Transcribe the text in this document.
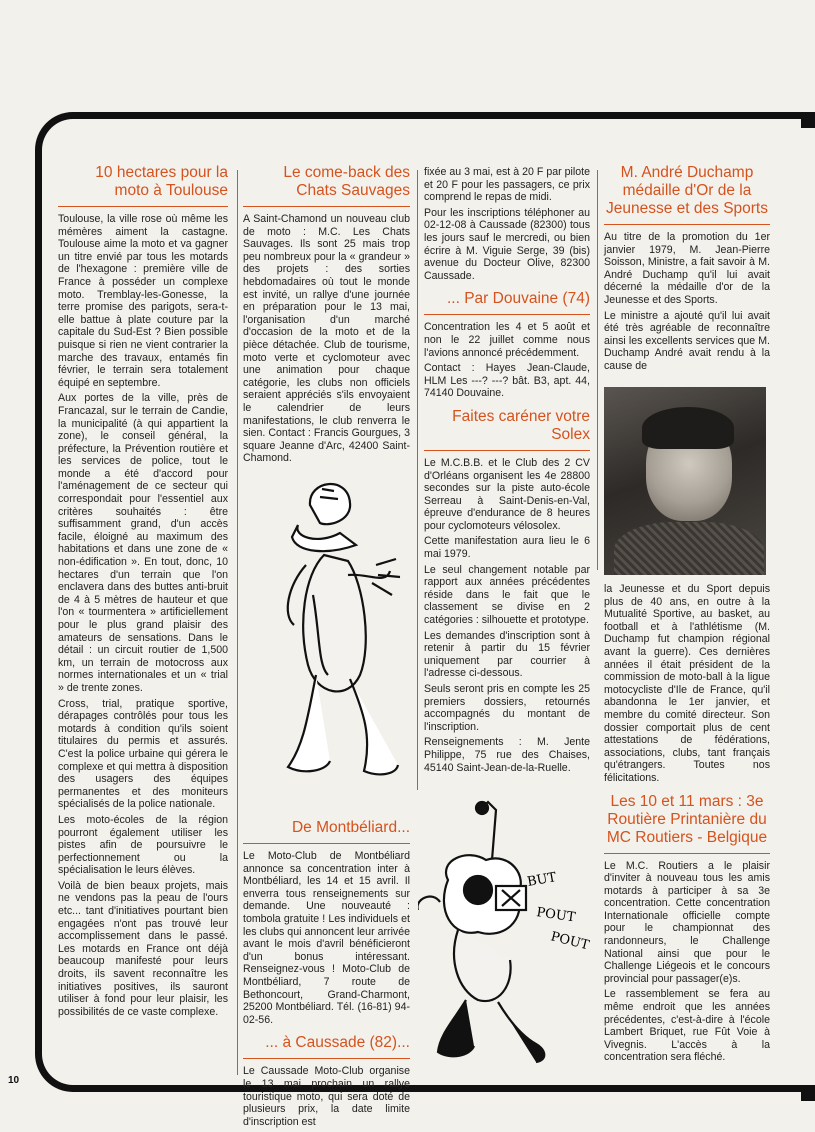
10 hectares pour la moto à Toulouse

Toulouse, la ville rose où même les mémères aiment la castagne. Toulouse aime la moto et va gagner un titre envié par tous les motards de l'hexagone : première ville de France à posséder un complexe moto. Tremblay-les-Gonesse, la terre promise des parigots, sera-t-elle battue à plate couture par la capitale du Sud-Est ? Bien possible puisque si rien ne vient contrarier la marche des travaux, entamés fin février, le terrain sera totalement équipé en septembre.

Aux portes de la ville, près de Francazal, sur le terrain de Candie, la municipalité (à qui appartient la zone), le conseil général, la préfecture, la Prévention routière et les services de police, tout le monde a été d'accord pour l'aménagement de ce secteur qui correspondait pour l'essentiel aux critères souhaités : être suffisamment grand, d'un accès facile, éloigné au maximum des habitations et dans une zone de « non-édification ». En tout, donc, 10 hectares d'un terrain que l'on enclavera dans des buttes anti-bruit de 4 à 5 mètres de hauteur et que l'on « tourmentera » artificiellement pour le plus grand plaisir des amateurs de sensations. Dans le détail : un circuit routier de 1,500 km, un terrain de motocross aux normes internationales et un « trial » de trente zones.

Cross, trial, pratique sportive, dérapages contrôlés pour tous les motards à condition qu'ils soient titulaires du permis et assurés. C'est la police urbaine qui gérera le complexe et qui mettra à disposition des usagers des équipes permanentes et des moniteurs spécialisés de la police nationale.

Les moto-écoles de la région pourront également utiliser les pistes afin de poursuivre le perfectionnement ou la spécialisation le leurs élèves.

Voilà de bien beaux projets, mais ne vendons pas la peau de l'ours etc... tant d'initiatives pourtant bien engagées n'ont pas trouvé leur accomplissement dans le passé. Les motards en France ont déjà beaucoup manifesté pour leurs droits, ils savent reconnaître les initiatives positives, ils sauront utiliser à fond pour leur plaisir, les possibilités de ce vaste complexe.

Le come-back des Chats Sauvages

A Saint-Chamond un nouveau club de moto : M.C. Les Chats Sauvages. Ils sont 25 mais trop peu nombreux pour la « grandeur » des projets : des sorties hebdomadaires où tout le monde est invité, un rallye d'une journée en préparation pour le 13 mai, l'organisation d'un marché d'occasion de la moto et de la pièce détachée. Club de tourisme, moto verte et cyclomoteur avec une animation pour chaque catégorie, les clubs non officiels seraient appréciés s'ils envoyaient le calendrier de leurs manifestations, le club renverra le sien. Contact : Francis Gourgues, 3 square Jeanne d'Arc, 42400 Saint-Chamond.

De Montbéliard...

Le Moto-Club de Montbéliard annonce sa concentration inter à Montbéliard, les 14 et 15 avril. Il enverra tous renseignements sur demande. Une nouveauté : tombola gratuite ! Les individuels et les clubs qui annoncent leur arrivée avant le mois d'avril bénéficieront d'un bonus intéressant. Renseignez-vous ! Moto-Club de Montbéliard, 7 route de Bethoncourt, Grand-Charmont, 25200 Montbéliard. Tél. (16-81) 94-02-56.

... à Caussade (82)...

Le Caussade Moto-Club organise le 13 mai prochain un rallye touristique moto, qui sera doté de plusieurs prix, la date limite d'inscription est

fixée au 3 mai, est à 20 F par pilote et 20 F pour les passagers, ce prix comprend le repas de midi.

Pour les inscriptions téléphoner au 02-12-08 à Caussade (82300) tous les jours sauf le mercredi, ou bien écrire à M. Viguie Serge, 39 (bis) avenue du Docteur Olive, 82300 Caussade.

... Par Douvaine (74)

Concentration les 4 et 5 août et non le 22 juillet comme nous l'avions annoncé précédemment.

Contact : Hayes Jean-Claude, HLM Les ---? ---? bât. B3, apt. 44, 74140 Douvaine.

Faites caréner votre Solex

Le M.C.B.B. et le Club des 2 CV d'Orléans organisent les 4e 28800 secondes sur la piste auto-école Serreau à Saint-Denis-en-Val, épreuve d'endurance de 8 heures pour cyclomoteurs vélosolex.

Cette manifestation aura lieu le 6 mai 1979.

Le seul changement notable par rapport aux années précédentes réside dans le fait que le classement se divise en 2 catégories : silhouette et prototype.

Les demandes d'inscription sont à retenir à partir du 15 février uniquement par courrier à l'adresse ci-dessous.

Seuls seront pris en compte les 25 premiers dossiers, retournés accompagnés du montant de l'inscription.

Renseignements : M. Jente Philippe, 75 rue des Chaises, 45140 Saint-Jean-de-la-Ruelle.

BUT
POUT
POUT
M. André Duchamp médaille d'Or de la Jeunesse et des Sports

Au titre de la promotion du 1er janvier 1979, M. Jean-Pierre Soisson, Ministre, a fait savoir à M. André Duchamp qu'il lui avait décerné la médaille d'or de la Jeunesse et des Sports.

Le ministre a ajouté qu'il lui avait été très agréable de reconnaître ainsi les excellents services que M. Duchamp André avait rendu à la cause de

la Jeunesse et du Sport depuis plus de 40 ans, en outre à la Mutualité Sportive, au basket, au football et à l'athlétisme (M. Duchamp fut champion régional avant la guerre). Ces dernières années il était président de la commission de moto-ball à la ligue motocycliste d'Ile de France, qu'il abandonna le 1er janvier, et membre du comité directeur. Son dossier comportait plus de cent attestations de fédérations, associations, clubs, tant français qu'étrangers. Toutes nos félicitations.

Les 10 et 11 mars : 3e Routière Printanière du MC Routiers - Belgique

Le M.C. Routiers a le plaisir d'inviter à nouveau tous les amis motards à participer à sa 3e concentration. Cette concentration Internationale officielle compte pour le championnat des randonneurs, le Challenge National ainsi que pour le Challenge Liégeois et le concours provincial pour passager(e)s.

Le rassemblement se fera au même endroit que les années précédentes, c'est-à-dire à l'école Lambert Briquet, rue Fût Voie à Vivegnis. L'accès à la concentration sera fléché.

10
